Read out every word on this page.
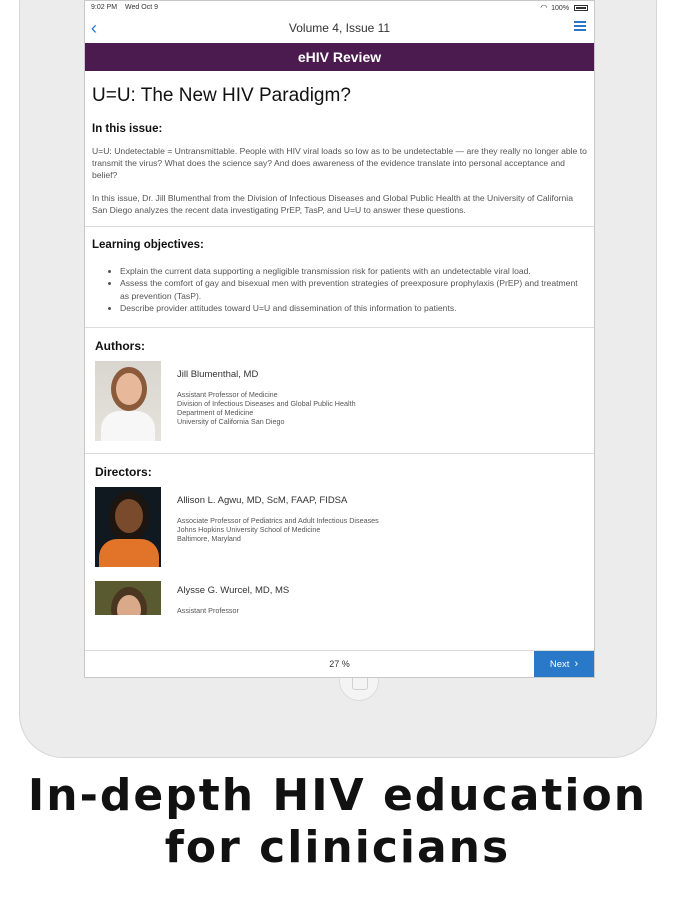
9:02 PM Wed Oct 9	◠ 100%
‹	Volume 4, Issue 11
eHIV Review
U=U: The New HIV Paradigm?
In this issue:

U=U: Undetectable = Untransmittable. People with HIV viral loads so low as to be undetectable — are they really no longer able to transmit the virus? What does the science say? And does awareness of the evidence translate into personal acceptance and belief?

In this issue, Dr. Jill Blumenthal from the Division of Infectious Diseases and Global Public Health at the University of California San Diego analyzes the recent data investigating PrEP, TasP, and U=U to answer these questions.

Learning objectives:
• Explain the current data supporting a negligible transmission risk for patients with an undetectable viral load.
• Assess the comfort of gay and bisexual men with prevention strategies of preexposure prophylaxis (PrEP) and treatment as prevention (TasP).
• Describe provider attitudes toward U=U and dissemination of this information to patients.
Authors:
Jill Blumenthal, MD
Assistant Professor of Medicine
Division of Infectious Diseases and Global Public Health
Department of Medicine
University of California San Diego
Directors:
Allison L. Agwu, MD, ScM, FAAP, FIDSA
Associate Professor of Pediatrics and Adult Infectious Diseases
Johns Hopkins University School of Medicine
Baltimore, Maryland
Alysse G. Wurcel, MD, MS
Assistant Professor
27 %	Next ›
In-depth HIV education
for clinicians
